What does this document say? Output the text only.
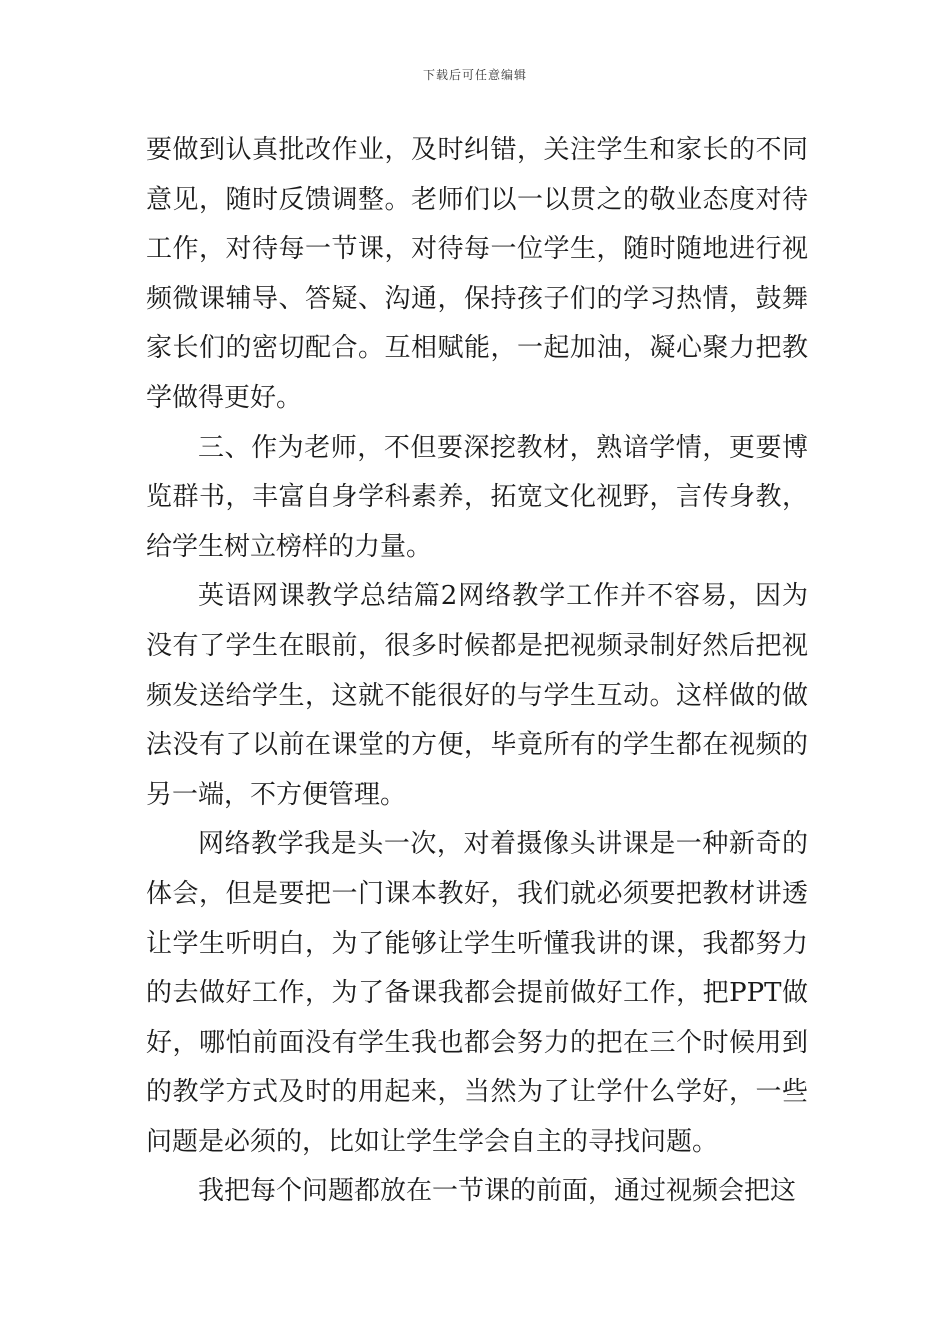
下载后可任意编辑

要做到认真批改作业，及时纠错，关注学生和家长的不同意见，随时反馈调整。老师们以一以贯之的敬业态度对待工作，对待每一节课，对待每一位学生，随时随地进行视频微课辅导、答疑、沟通，保持孩子们的学习热情，鼓舞家长们的密切配合。互相赋能，一起加油，凝心聚力把教学做得更好。

三、作为老师，不但要深挖教材，熟谙学情，更要博览群书，丰富自身学科素养，拓宽文化视野，言传身教，给学生树立榜样的力量。

英语网课教学总结篇2网络教学工作并不容易，因为没有了学生在眼前，很多时候都是把视频录制好然后把视频发送给学生，这就不能很好的与学生互动。这样做的做法没有了以前在课堂的方便，毕竟所有的学生都在视频的另一端，不方便管理。

网络教学我是头一次，对着摄像头讲课是一种新奇的体会，但是要把一门课本教好，我们就必须要把教材讲透让学生听明白，为了能够让学生听懂我讲的课，我都努力的去做好工作，为了备课我都会提前做好工作，把PPT做好，哪怕前面没有学生我也都会努力的把在三个时候用到的教学方式及时的用起来，当然为了让学什么学好，一些问题是必须的，比如让学生学会自主的寻找问题。

我把每个问题都放在一节课的前面，通过视频会把这
